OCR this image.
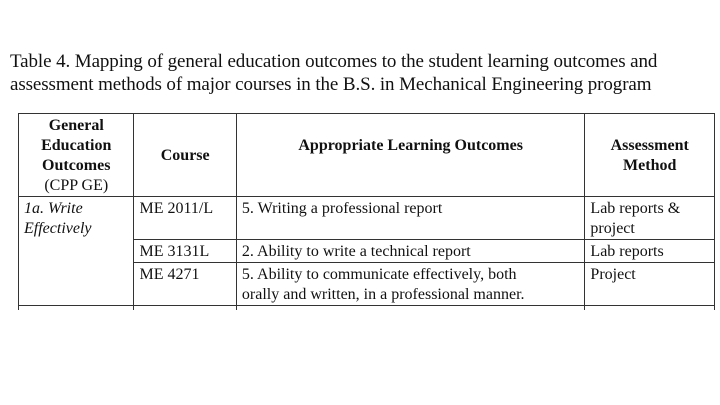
Table 4. Mapping of general education outcomes to the student learning outcomes and
assessment methods of major courses in the B.S. in Mechanical Engineering program
General
Education
Outcomes
(CPP GE)	Course	Appropriate Learning Outcomes	Assessment
Method

1a. Write
Effectively	ME 2011/L	5. Writing a professional report	Lab reports &
project

	ME 3131L	2. Ability to write a technical report	Lab reports

	ME 4271	5. Ability to communicate effectively, both
orally and written, in a professional manner.	Project
